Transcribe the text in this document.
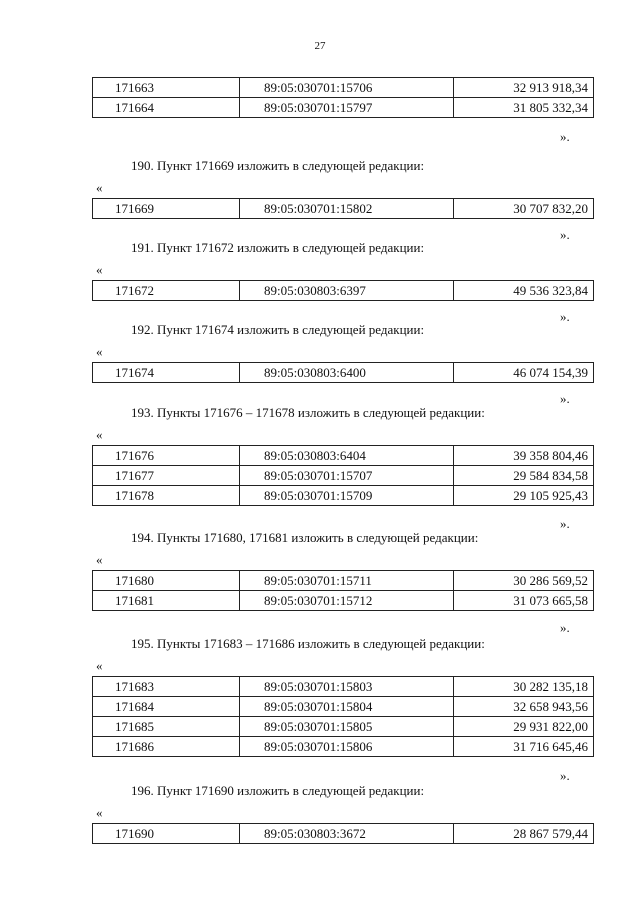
27
171663	89:05:030701:15706	32 913 918,34
171664	89:05:030701:15797	31 805 332,34
».
190. Пункт 171669 изложить в следующей редакции:
«
171669	89:05:030701:15802	30 707 832,20
».
191. Пункт 171672 изложить в следующей редакции:
«
171672	89:05:030803:6397	49 536 323,84
».
192. Пункт 171674 изложить в следующей редакции:
«
171674	89:05:030803:6400	46 074 154,39
».
193. Пункты 171676 – 171678 изложить в следующей редакции:
«
171676	89:05:030803:6404	39 358 804,46
171677	89:05:030701:15707	29 584 834,58
171678	89:05:030701:15709	29 105 925,43
».
194. Пункты 171680, 171681 изложить в следующей редакции:
«
171680	89:05:030701:15711	30 286 569,52
171681	89:05:030701:15712	31 073 665,58
».
195. Пункты 171683 – 171686 изложить в следующей редакции:
«
171683	89:05:030701:15803	30 282 135,18
171684	89:05:030701:15804	32 658 943,56
171685	89:05:030701:15805	29 931 822,00
171686	89:05:030701:15806	31 716 645,46
».
196. Пункт 171690 изложить в следующей редакции:
«
171690	89:05:030803:3672	28 867 579,44
